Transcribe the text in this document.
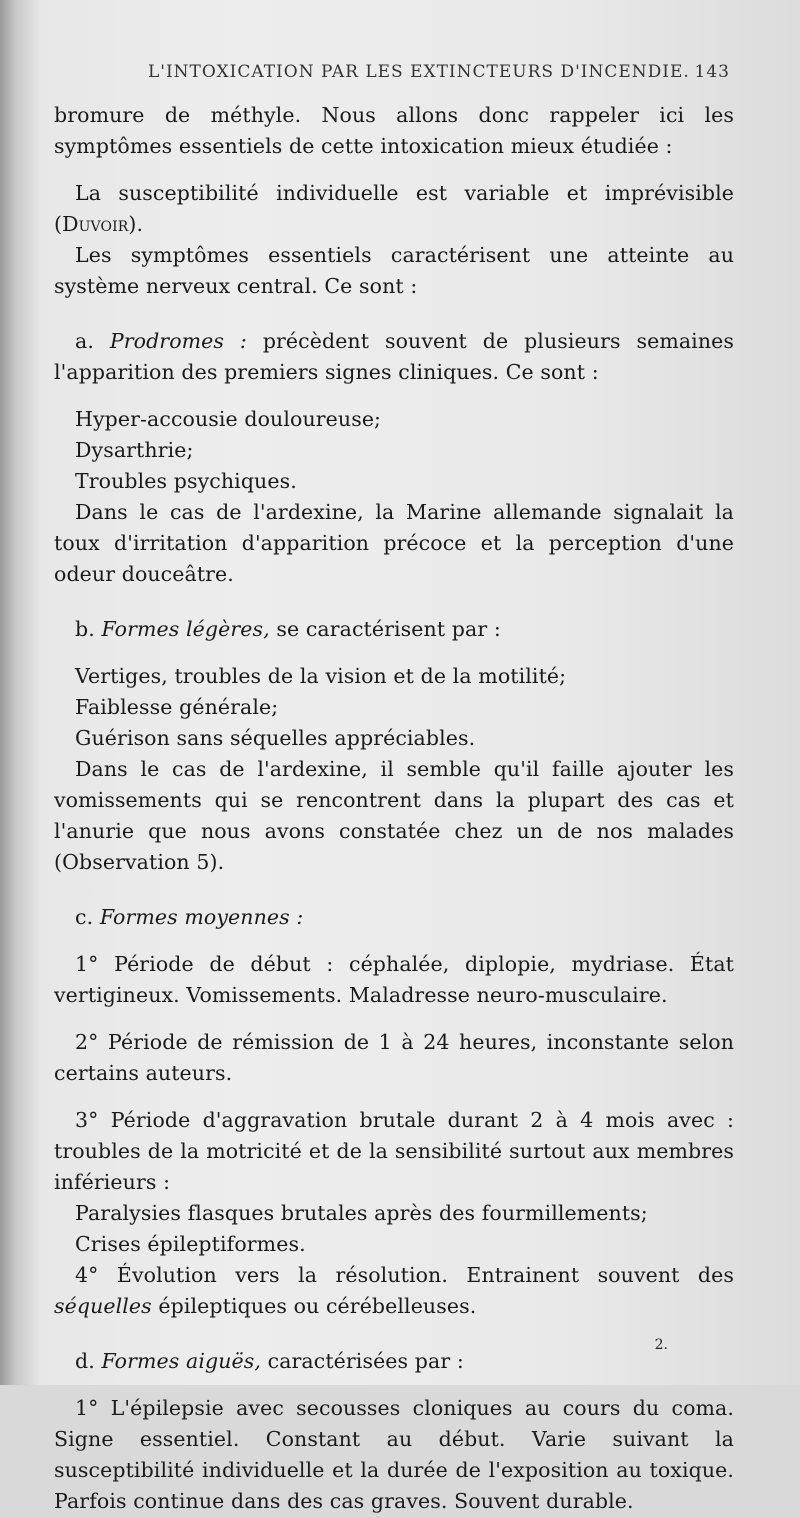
L'INTOXICATION PAR LES EXTINCTEURS D'INCENDIE. 143

bromure de méthyle. Nous allons donc rappeler ici les symptômes essentiels de cette intoxication mieux étudiée :

La susceptibilité individuelle est variable et imprévisible (Duvoir).

Les symptômes essentiels caractérisent une atteinte au système nerveux central. Ce sont :

a. Prodromes : précèdent souvent de plusieurs semaines l'apparition des premiers signes cliniques. Ce sont :

Hyper-accousie douloureuse;

Dysarthrie;

Troubles psychiques.

Dans le cas de l'ardexine, la Marine allemande signalait la toux d'irritation d'apparition précoce et la perception d'une odeur douceâtre.

b. Formes légères, se caractérisent par :

Vertiges, troubles de la vision et de la motilité;

Faiblesse générale;

Guérison sans séquelles appréciables.

Dans le cas de l'ardexine, il semble qu'il faille ajouter les vomissements qui se rencontrent dans la plupart des cas et l'anurie que nous avons constatée chez un de nos malades (Observation 5).

c. Formes moyennes :

1° Période de début : céphalée, diplopie, mydriase. État vertigineux. Vomissements. Maladresse neuro-musculaire.

2° Période de rémission de 1 à 24 heures, inconstante selon certains auteurs.

3° Période d'aggravation brutale durant 2 à 4 mois avec : troubles de la motricité et de la sensibilité surtout aux membres inférieurs :

Paralysies flasques brutales après des fourmillements;

Crises épileptiformes.

4° Évolution vers la résolution. Entrainent souvent des séquelles épileptiques ou cérébelleuses.

d. Formes aiguës, caractérisées par :

1° L'épilepsie avec secousses cloniques au cours du coma. Signe essentiel. Constant au début. Varie suivant la susceptibilité individuelle et la durée de l'exposition au toxique. Parfois continue dans des cas graves. Souvent durable.

2.
